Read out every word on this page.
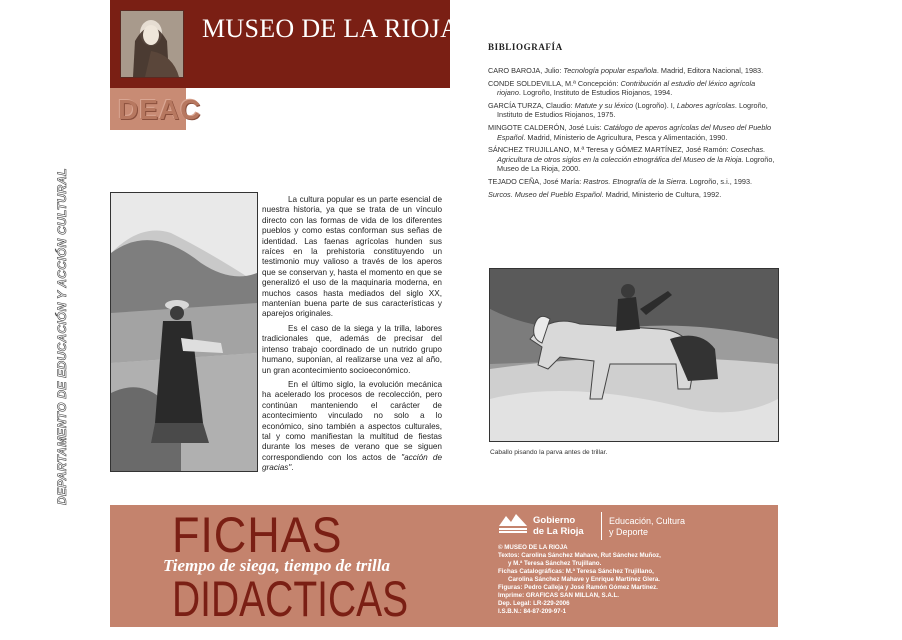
MUSEO DE LA RIOJA
DEAC
DEPARTAMENTO DE EDUCACIÓN Y ACCIÓN CULTURAL	La cultura popular es un parte esencial de nuestra historia, ya que se trata de un vínculo directo con las formas de vida de los diferentes pueblos y como estas conforman sus señas de identidad. Las faenas agrícolas hunden sus raíces en la prehistoria constituyendo un testimonio muy valioso a través de los aperos que se conservan y, hasta el momento en que se generalizó el uso de la maquinaria moderna, en muchos casos hasta mediados del siglo XX, mantenían buena parte de sus características y aparejos originales.

Es el caso de la siega y la trilla, labores tradicionales que, además de precisar del intenso trabajo coordinado de un nutrido grupo humano, suponían, al realizarse una vez al año, un gran acontecimiento socioeconómico.

En el último siglo, la evolución mecánica ha acelerado los procesos de recolección, pero continúan manteniendo el carácter de acontecimiento vinculado no solo a lo económico, sino también a aspectos culturales, tal y como manifiestan la multitud de fiestas durante los meses de verano que se siguen correspondiendo con los actos de "acción de gracias".

BIBLIOGRAFÍA
CARO BAROJA, Julio: Tecnología popular española. Madrid, Editora Nacional, 1983.
CONDE SOLDEVILLA, M.ª Concepción: Contribución al estudio del léxico agrícola riojano. Logroño, Instituto de Estudios Riojanos, 1994.
GARCÍA TURZA, Claudio: Matute y su léxico (Logroño). I, Labores agrícolas. Logroño, Instituto de Estudios Riojanos, 1975.
MINGOTE CALDERÓN, José Luis: Catálogo de aperos agrícolas del Museo del Pueblo Español. Madrid, Ministerio de Agricultura, Pesca y Alimentación, 1990.
SÁNCHEZ TRUJILLANO, M.ª Teresa y GÓMEZ MARTÍNEZ, José Ramón: Cosechas. Agricultura de otros siglos en la colección etnográfica del Museo de la Rioja. Logroño, Museo de La Rioja, 2000.
TEJADO CEÑA, José María: Rastros. Etnografía de la Sierra. Logroño, s.i., 1993.
Surcos. Museo del Pueblo Español. Madrid, Ministerio de Cultura, 1992.
Caballo pisando la parva antes de trillar.
FICHAS
DIDACTICAS
Tiempo de siega, tiempo de trilla
Gobierno
de La Rioja
Educación, Cultura
y Deporte
© MUSEO DE LA RIOJA
Textos: Carolina Sánchez Mahave, Rut Sánchez Muñoz,
y M.ª Teresa Sánchez Trujillano.
Fichas Catalográficas: M.ª Teresa Sánchez Trujillano,
Carolina Sánchez Mahave y Enrique Martínez Glera.
Figuras: Pedro Calleja y José Ramón Gómez Martínez.
Imprime: GRAFICAS SAN MILLAN, S.A.L.
Dep. Legal: LR-229-2006
I.S.B.N.: 84-87-209-97-1
